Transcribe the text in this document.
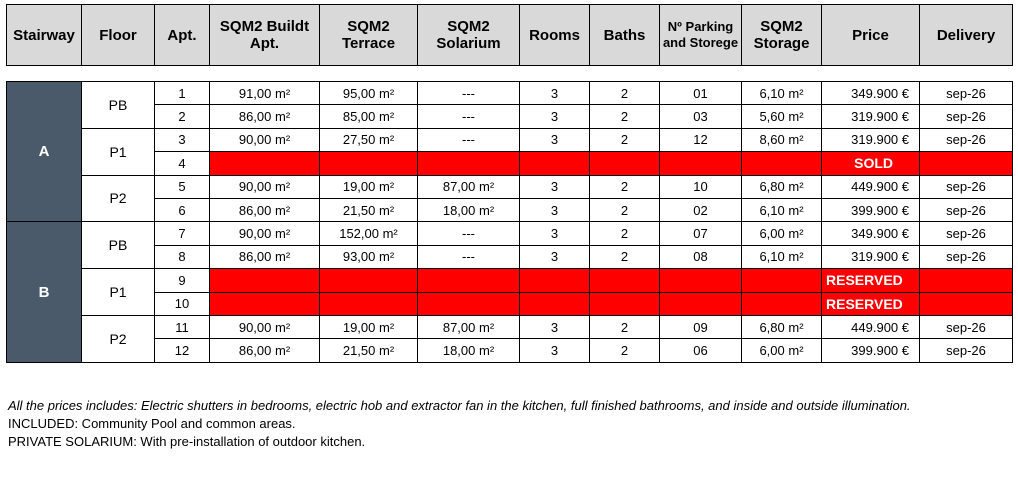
Stairway	Floor	Apt.	SQM2 Buildt Apt.	SQM2 Terrace	SQM2 Solarium	Rooms	Baths	Nº Parking and Storege	SQM2 Storage	Price	Delivery
A	PB	1	91,00 m²	95,00 m²	---	3	2	01	6,10 m²	349.900 €	sep-26
		2	86,00 m²	85,00 m²	---	3	2	03	5,60 m²	319.900 €	sep-26
	P1	3	90,00 m²	27,50 m²	---	3	2	12	8,60 m²	319.900 €	sep-26
		4								SOLD	
	P2	5	90,00 m²	19,00 m²	87,00 m²	3	2	10	6,80 m²	449.900 €	sep-26
		6	86,00 m²	21,50 m²	18,00 m²	3	2	02	6,10 m²	399.900 €	sep-26
B	PB	7	90,00 m²	152,00 m²	---	3	2	07	6,00 m²	349.900 €	sep-26
		8	86,00 m²	93,00 m²	---	3	2	08	6,10 m²	319.900 €	sep-26
	P1	9								RESERVED	
		10								RESERVED	
	P2	11	90,00 m²	19,00 m²	87,00 m²	3	2	09	6,80 m²	449.900 €	sep-26
		12	86,00 m²	21,50 m²	18,00 m²	3	2	06	6,00 m²	399.900 €	sep-26

All the prices includes: Electric shutters in bedrooms, electric hob and extractor fan in the kitchen, full finished bathrooms, and inside and outside illumination.

INCLUDED: Community Pool and common areas.

PRIVATE SOLARIUM: With pre-installation of outdoor kitchen.
